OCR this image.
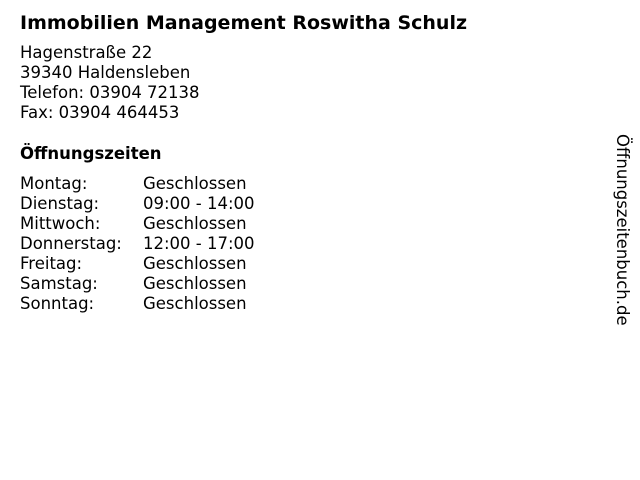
Immobilien Management Roswitha Schulz
Hagenstraße 22
39340 Haldensleben
Telefon: 03904 72138
Fax: 03904 464453
Öffnungszeiten
Montag:	Geschlossen
Dienstag:	09:00 - 14:00
Mittwoch:	Geschlossen
Donnerstag:	12:00 - 17:00
Freitag:	Geschlossen
Samstag:	Geschlossen
Sonntag:	Geschlossen	Öffnungszeitenbuch.de
